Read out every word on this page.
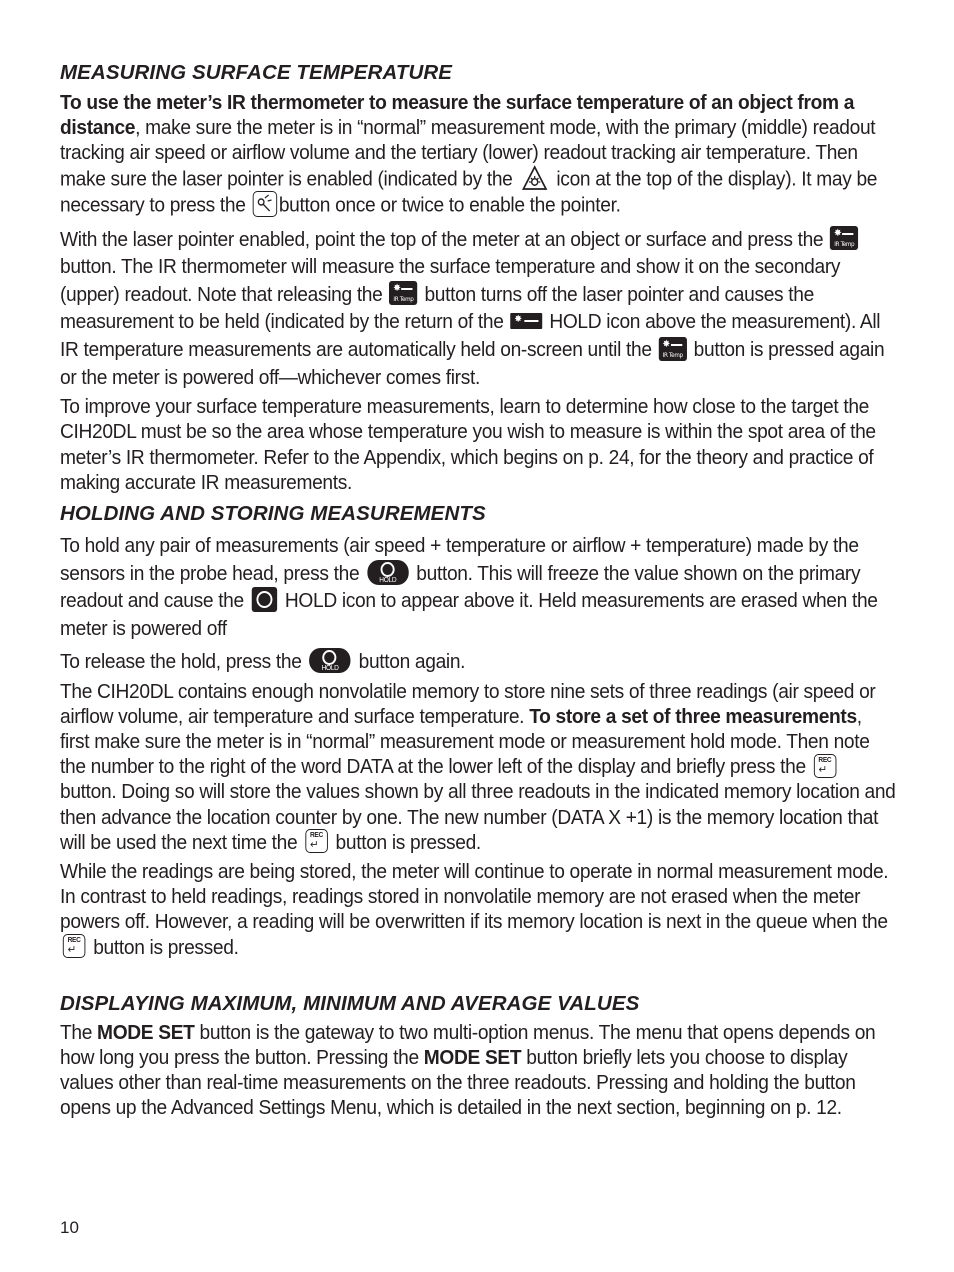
MEASURING SURFACE TEMPERATURE

To use the meter’s IR thermometer to measure the surface temperature of an object from a distance, make sure the meter is in “normal” measurement mode, with the primary (middle) readout tracking air speed or airflow volume and the tertiary (lower) readout tracking air temperature. Then make sure the laser pointer is enabled (indicated by the icon at the top of the display). It may be necessary to press the button once or twice to enable the pointer.

With the laser pointer enabled, point the top of the meter at an object or surface and press the ✸
IR Temp
button. The IR thermometer will measure the surface temperature and show it on the secondary (upper) readout. Note that releasing the ✸
IR Temp button turns off the laser pointer and causes the measurement to be held (indicated by the return of the ✸ HOLD icon above the measurement). All IR temperature measurements are automatically held on-screen until the ✸
IR Temp button is pressed again or the meter is powered off—whichever comes first.

To improve your surface temperature measurements, learn to determine how close to the target the CIH20DL must be so the area whose temperature you wish to measure is within the spot area of the meter’s IR thermometer. Refer to the Appendix, which begins on p. 24, for the theory and practice of making accurate IR measurements.

HOLDING AND STORING MEASUREMENTS

To hold any pair of measurements (air speed + temperature or airflow + temperature) made by the sensors in the probe head, press the	HOLD button. This will freeze the value shown on the primary readout and cause the HOLD icon to appear above it. Held measurements are erased when the meter is powered off

To release the hold, press the	HOLD button again.

The CIH20DL contains enough nonvolatile memory to store nine sets of three readings (air speed or airflow volume, air temperature and surface temperature. To store a set of three measurements, first make sure the meter is in “normal” measurement mode or measurement hold mode. Then note the number to the right of the word DATA at the lower left of the display and briefly press the	REC
↵
button. Doing so will store the values shown by all three readouts in the indicated memory location and then advance the location counter by one. The new number (DATA X +1) is the memory location that will be used the next time the	REC
↵ button is pressed.

While the readings are being stored, the meter will continue to operate in normal measurement mode. In contrast to held readings, readings stored in nonvolatile memory are not erased when the meter powers off. However, a reading will be overwritten if its memory location is next in the queue when the
REC
↵ button is pressed.

DISPLAYING MAXIMUM, MINIMUM AND AVERAGE VALUES

The MODE SET button is the gateway to two multi-option menus. The menu that opens depends on how long you press the button. Pressing the MODE SET button briefly lets you choose to display values other than real-time measurements on the three readouts. Pressing and holding the button opens up the Advanced Settings Menu, which is detailed in the next section, beginning on p. 12.

10
